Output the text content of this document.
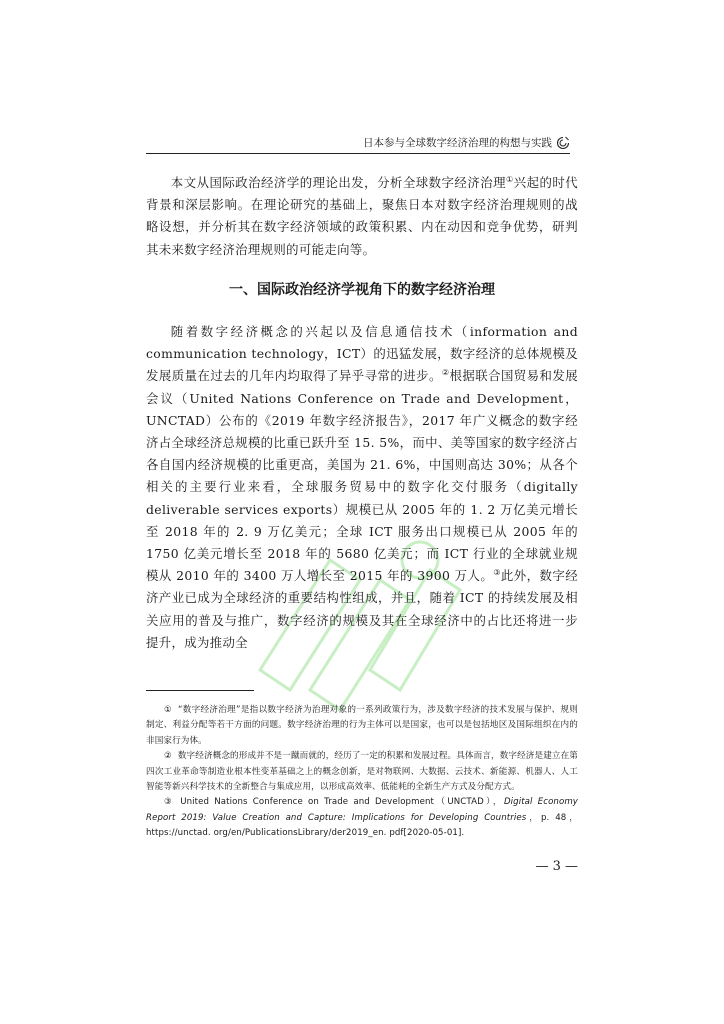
日本参与全球数字经济治理的构想与实践

本文从国际政治经济学的理论出发，分析全球数字经济治理①兴起的时代背景和深层影响。在理论研究的基础上，聚焦日本对数字经济治理规则的战略设想，并分析其在数字经济领域的政策积累、内在动因和竞争优势，研判其未来数字经济治理规则的可能走向等。

一、国际政治经济学视角下的数字经济治理

随着数字经济概念的兴起以及信息通信技术（information and communication technology，ICT）的迅猛发展，数字经济的总体规模及发展质量在过去的几年内均取得了异乎寻常的进步。②根据联合国贸易和发展会议（United Nations Conference on Trade and Development，UNCTAD）公布的《2019 年数字经济报告》，2017 年广义概念的数字经济占全球经济总规模的比重已跃升至 15. 5%，而中、美等国家的数字经济占各自国内经济规模的比重更高，美国为 21. 6%，中国则高达 30%；从各个相关的主要行业来看，全球服务贸易中的数字化交付服务（digitally deliverable services exports）规模已从 2005 年的 1. 2 万亿美元增长至 2018 年的 2. 9 万亿美元；全球 ICT 服务出口规模已从 2005 年的 1750 亿美元增长至 2018 年的 5680 亿美元；而 ICT 行业的全球就业规模从 2010 年的 3400 万人增长至 2015 年的 3900 万人。③此外，数字经济产业已成为全球经济的重要结构性组成，并且，随着 ICT 的持续发展及相关应用的普及与推广，数字经济的规模及其在全球经济中的占比还将进一步提升，成为推动全

① “数字经济治理”是指以数字经济为治理对象的一系列政策行为，涉及数字经济的技术发展与保护、规则制定、利益分配等若干方面的问题。数字经济治理的行为主体可以是国家，也可以是包括地区及国际组织在内的非国家行为体。

② 数字经济概念的形成并不是一蹴而就的，经历了一定的积累和发展过程。具体而言，数字经济是建立在第四次工业革命等制造业根本性变革基础之上的概念创新，是对物联网、大数据、云技术、新能源、机器人、人工智能等新兴科学技术的全新整合与集成应用，以形成高效率、低能耗的全新生产方式及分配方式。

③ United Nations Conference on Trade and Development（UNCTAD），Digital Economy Report 2019: Value Creation and Capture: Implications for Developing Countries，p. 48，https://unctad. org/en/PublicationsLibrary/der2019_en. pdf[2020-05-01].

— 3 —
